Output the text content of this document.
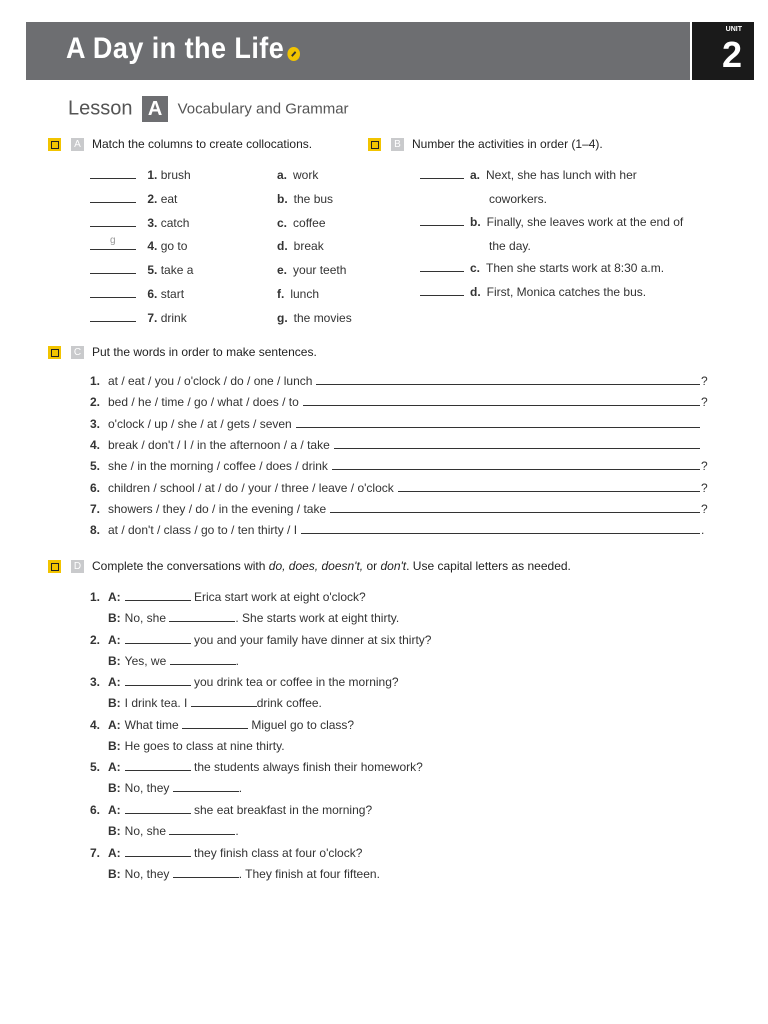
A Day in the Life
UNIT
2
Lesson A Vocabulary and Grammar
A Match the columns to create collocations.
1. brush	a. work
2. eat	b. the bus
3. catch	c. coffee
g 4. go to	d. break
5. take a	e. your teeth
6. start	f. lunch
7. drink	g. the movies
B Number the activities in order (1–4).
a. Next, she has lunch with her
coworkers.
b. Finally, she leaves work at the end of
the day.
c. Then she starts work at 8:30 a.m.
d. First, Monica catches the bus.
C Put the words in order to make sentences.
1. at / eat / you / o'clock / do / one / lunch	?
2. bed / he / time / go / what / does / to	?
3. o'clock / up / she / at / gets / seven
4. break / don't / I / in the afternoon / a / take
5. she / in the morning / coffee / does / drink	?
6. children / school / at / do / your / three / leave / o'clock	?
7. showers / they / do / in the evening / take	?
8. at / don't / class / go to / ten thirty / I	.
D Complete the conversations with do, does, doesn't, or don't. Use capital letters as needed.
1. A:	Erica start work at eight o'clock?
B: No, she	. She starts work at eight thirty.
2. A:	you and your family have dinner at six thirty?
B: Yes, we	.
3. A:	you drink tea or coffee in the morning?
B: I drink tea. I	drink coffee.
4. A: What time	Miguel go to class?
B: He goes to class at nine thirty.
5. A:	the students always finish their homework?
B: No, they	.
6. A:	she eat breakfast in the morning?
B: No, she	.
7. A:	they finish class at four o'clock?
B: No, they	. They finish at four fifteen.
